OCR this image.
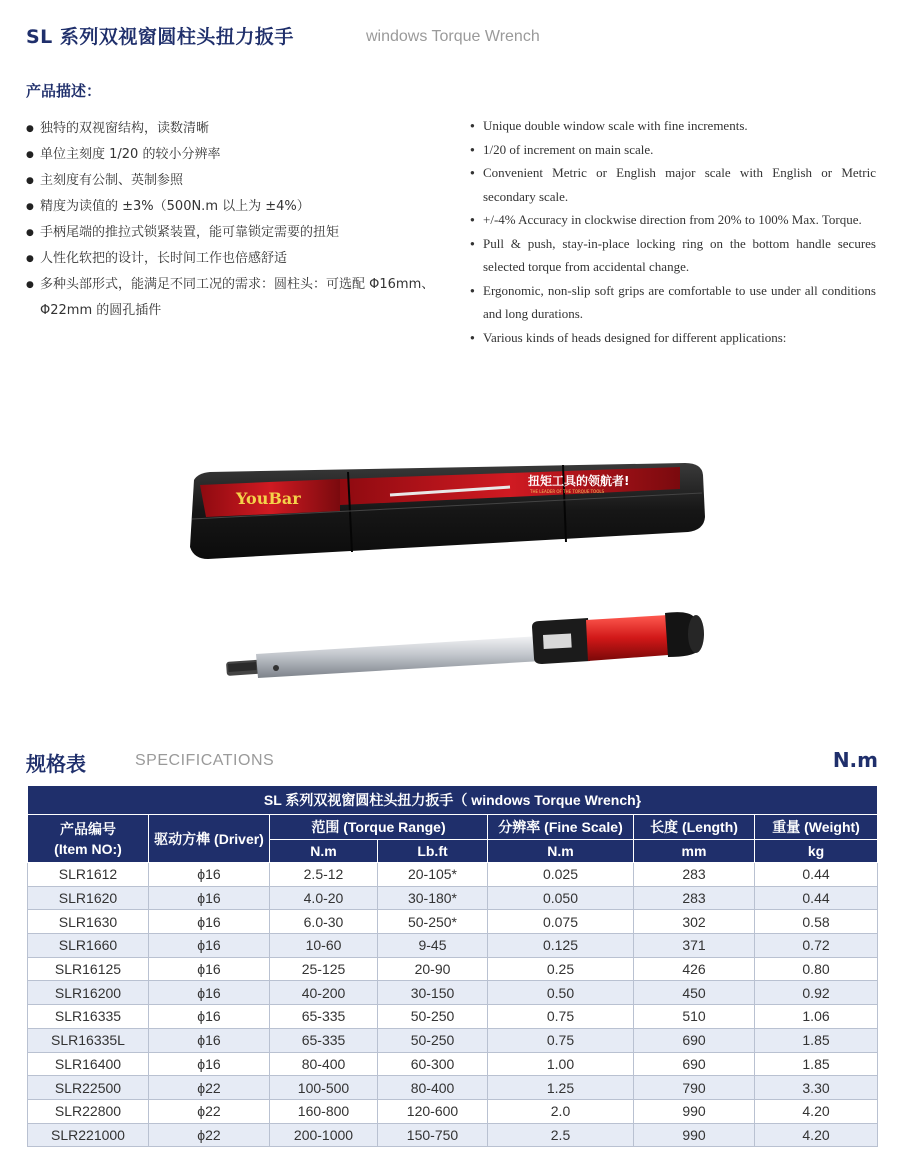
SL 系列双视窗圆柱头扭力扳手	windows Torque Wrench
产品描述：
● 独特的双视窗结构，读数清晰
● 单位主刻度 1/20 的较小分辨率
● 主刻度有公制、英制参照
● 精度为读值的 ±3%（500N.m 以上为 ±4%）
● 手柄尾端的推拉式锁紧装置，能可靠锁定需要的扭矩
● 人性化软把的设计，长时间工作也倍感舒适
● 多种头部形式，能满足不同工况的需求：圆柱头：可选配 Φ16mm、Φ22mm 的圆孔插件
● Unique double window scale with fine increments.
● 1/20 of increment on main scale.
● Convenient Metric or English major scale with English or Metric secondary scale.
● +/-4% Accuracy in clockwise direction from 20% to 100% Max. Torque.
● Pull & push, stay-in-place locking ring on the bottom handle secures selected torque from accidental change.
● Ergonomic, non-slip soft grips are comfortable to use under all conditions and long durations.
● Various kinds of heads designed for different applications:
YouBar
扭矩工具的领航者!
THE LEADER OF THE TORQUE TOOLS
规格表	SPECIFICATIONS	N.m
SL 系列双视窗圆柱头扭力扳手（ windows Torque Wrench}						
产品编号
(Item NO:)	驱动方榫 (Driver)	范围 (Torque Range)		分辨率 (Fine Scale)	长度 (Length)	重量 (Weight)
		N.m	Lb.ft	N.m	mm	kg
SLR1612	ϕ16	2.5-12	20-105*	0.025	283	0.44
SLR1620	ϕ16	4.0-20	30-180*	0.050	283	0.44
SLR1630	ϕ16	6.0-30	50-250*	0.075	302	0.58
SLR1660	ϕ16	10-60	9-45	0.125	371	0.72
SLR16125	ϕ16	25-125	20-90	0.25	426	0.80
SLR16200	ϕ16	40-200	30-150	0.50	450	0.92
SLR16335	ϕ16	65-335	50-250	0.75	510	1.06
SLR16335L	ϕ16	65-335	50-250	0.75	690	1.85
SLR16400	ϕ16	80-400	60-300	1.00	690	1.85
SLR22500	ϕ22	100-500	80-400	1.25	790	3.30
SLR22800	ϕ22	160-800	120-600	2.0	990	4.20
SLR221000	ϕ22	200-1000	150-750	2.5	990	4.20
